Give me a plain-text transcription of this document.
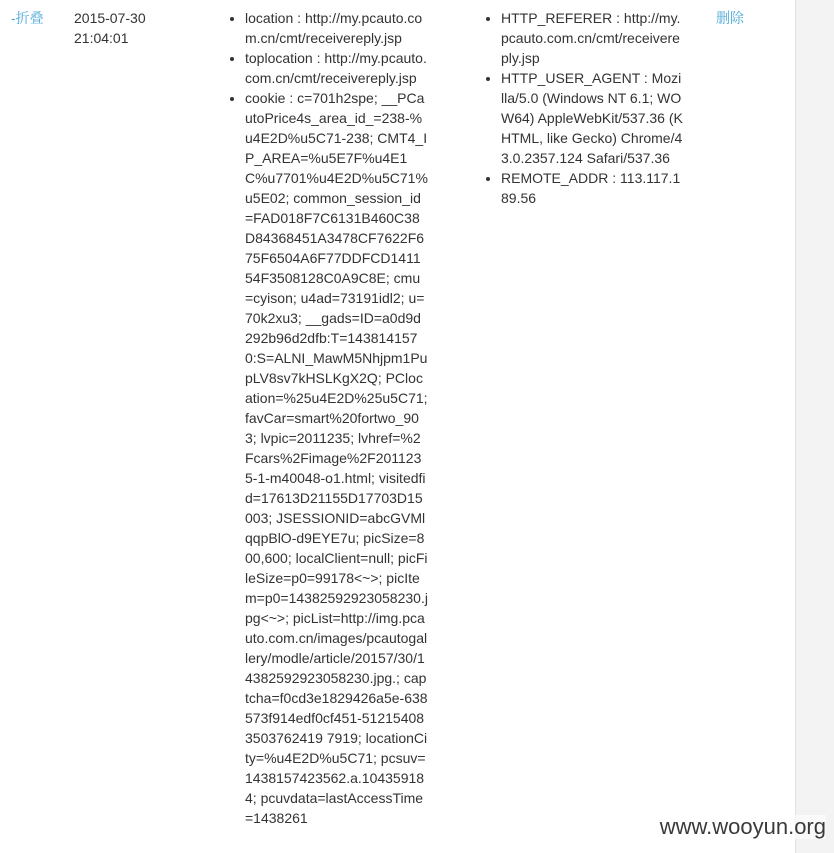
-折叠	2015-07-30
21:04:01
• location : http://my.pcauto.com.cn/cmt/receivereply.jsp
• toplocation : http://my.pcauto.com.cn/cmt/receivereply.jsp
• cookie : c=701h2spe; __PCautoPrice4s_area_id_=238-%u4E2D%u5C71-238; CMT4_IP_AREA=%u5E7F%u4E1C%u7701%u4E2D%u5C71%u5E02; common_session_id=FAD018F7C6131B460C38D84368451A3478CF7622F675F6504A6F77DDFCD141154F3508128C0A9C8E; cmu=cyison; u4ad=73191idl2; u=70k2xu3; __gads=ID=a0d9d292b96d2dfb:T=1438141570:S=ALNI_MawM5Nhjpm1PupLV8sv7kHSLKgX2Q; PClocation=%25u4E2D%25u5C71; favCar=smart%20fortwo_903; lvpic=2011235; lvhref=%2Fcars%2Fimage%2F2011235-1-m40048-o1.html; visitedfid=17613D21155D17703D15003; JSESSIONID=abcGVMlqqpBlO-d9EYE7u; picSize=800,600; localClient=null; picFileSize=p0=99178<~>; picItem=p0=14382592923058230.jpg<~>; picList=http://img.pcauto.com.cn/images/pcautogallery/modle/article/20157/30/14382592923058230.jpg.; captcha=f0cd3e1829426a5e-638573f914edf0cf451-512154083503762419 7919; locationCity=%u4E2D%u5C71; pcsuv=1438157423562.a.104359184; pcuvdata=lastAccessTime=1438261
• HTTP_REFERER : http://my.pcauto.com.cn/cmt/receivereply.jsp
• HTTP_USER_AGENT : Mozilla/5.0 (Windows NT 6.1; WOW64) AppleWebKit/537.36 (KHTML, like Gecko) Chrome/43.0.2357.124 Safari/537.36
• REMOTE_ADDR : 113.117.189.56
删除
www.wooyun.org
